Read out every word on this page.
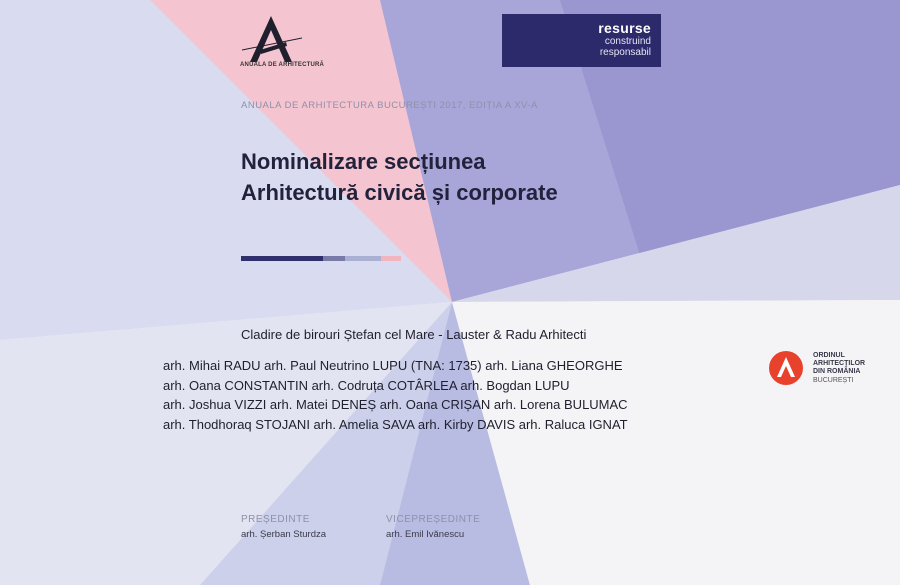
ANUALA DE ARHITECTURĂ
resurse
construind
responsabil
ANUALA DE ARHITECTURA BUCUREȘTI 2017, EDIȚIA A XV-A
Nominalizare secțiunea
Arhitectură civică și corporate
Cladire de birouri Ștefan cel Mare - Lauster & Radu Arhitecti
arh. Mihai RADU arh. Paul Neutrino LUPU (TNA: 1735) arh. Liana GHEORGHE
arh. Oana CONSTANTIN arh. Codruța COTÂRLEA arh. Bogdan LUPU
arh. Joshua VIZZI arh. Matei DENEȘ arh. Oana CRIȘAN arh. Lorena BULUMAC
arh. Thodhoraq STOJANI arh. Amelia SAVA arh. Kirby DAVIS arh. Raluca IGNAT
ORDINUL
ARHITECȚILOR
DIN ROMÂNIA
BUCUREȘTI
PREȘEDINTE
arh. Șerban Sturdza
VICEPREȘEDINTE
arh. Emil Ivănescu
